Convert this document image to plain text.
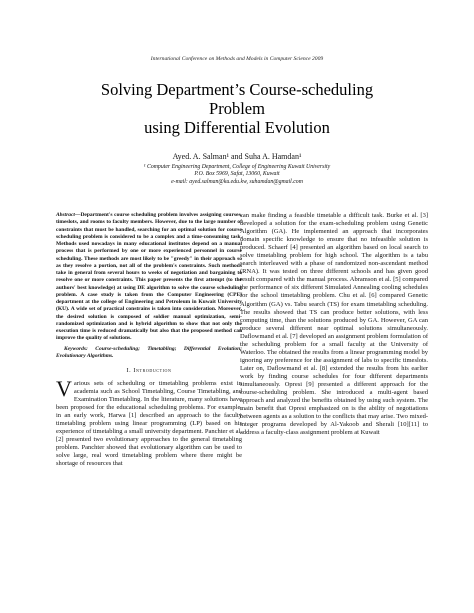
International Conference on Methods and Models in Computer Science 2009
Solving Department’s Course-scheduling
Problem
using Differential Evolution
Ayed. A. Salman¹ and Suha A. Hamdan¹
¹ Computer Engineering Department, College of Engineering Kuwait University
P.O. Box 5969, Safat, 13060, Kuwait
e-mail: ayed.salman@ku.edu.kw, suhamdan@gmail.com

Abstract—Department's course scheduling problem involves assigning courses, timeslots, and rooms to faculty members. However, due to the large number of constraints that must be handled, searching for an optimal solution for course scheduling problem is considered to be a complex and a time-consuming task. Methods used nowadays in many educational institutes depend on a manual process that is performed by one or more experienced personnel in course scheduling. These methods are most likely to be "greedy" in their approach so as they resolve a portion, not all of the problem's constraints. Such methods take in general from several hours to weeks of negotiation and bargaining to resolve one or more constraints. This paper presents the first attempt (to the authors' best knowledge) at using DE algorithm to solve the course scheduling problem. A case study is taken from the Computer Engineering (CPE) department at the college of Engineering and Petroleum in Kuwait University (KU). A wide set of practical constrains is taken into consideration. Moreover, the desired solution is composed of soldier manual optimization, semi-randomized optimization and is hybrid algorithm to show that not only the execution time is reduced dramatically but also that the proposed method can improve the quality of solutions.

Keywords: Course-scheduling; Timetabling; Differential Evolution; Evolutionary Algorithms.

I. Introduction

Various sets of scheduling or timetabling problems exist in academia such as School Timetabling, Course Timetabling, and Examination Timetabling. In the literature, many solutions have been proposed for the educational scheduling problems. For example, in an early work, Harwa [1] described an approach to the faculty timetabling problem using linear programming (LP) based on his experience of timetabling a small university department. Panchter et al. [2] presented two evolutionary approaches to the general timetabling problem. Panchter showed that evolutionary algorithm can be used to solve large, real word timetabling problem where there might be shortage of resources that

can make finding a feasible timetable a difficult task. Burke et al. [3] developed a solution for the exam-scheduling problem using Genetic Algorithm (GA). He implemented an approach that incorporates domain specific knowledge to ensure that no infeasible solution is produced. Schaerf [4] presented an algorithm based on local search to solve timetabling problem for high school. The algorithm is a tabu search interleaved with a phase of randomized non-ascendant method (RNA). It was tested on three different schools and has given good result compared with the manual process. Abramson et al. [5] compared the performance of six different Simulated Annealing cooling schedules for the school timetabling problem. Chu et al. [6] compared Genetic Algorithm (GA) vs. Tabu search (TS) for exam timetabling scheduling. The results showed that TS can produce better solutions, with less computing time, than the solutions produced by GA. However, GA can produce several different near optimal solutions simultaneously. Daflowmand et al. [7] developed an assignment problem formulation of the scheduling problem for a small faculty at the University of Waterloo. The obtained the results from a linear programming model by ignoring any preference for the assignment of labs to specific timeslots. Later on, Daflowmand et al. [8] extended the results from his earlier work by finding course schedules for four different departments simultaneously. Opresi [9] presented a different approach for the course-scheduling problem. She introduced a multi-agent based approach and analyzed the benefits obtained by using such system. The main benefit that Opresi emphasized on is the ability of negotiations between agents as a solution to the conflicts that may arise. Two mixed-integer programs developed by Al-Yakoob and Sherali [10][11] to address a faculty-class assignment problem at Kuwait
